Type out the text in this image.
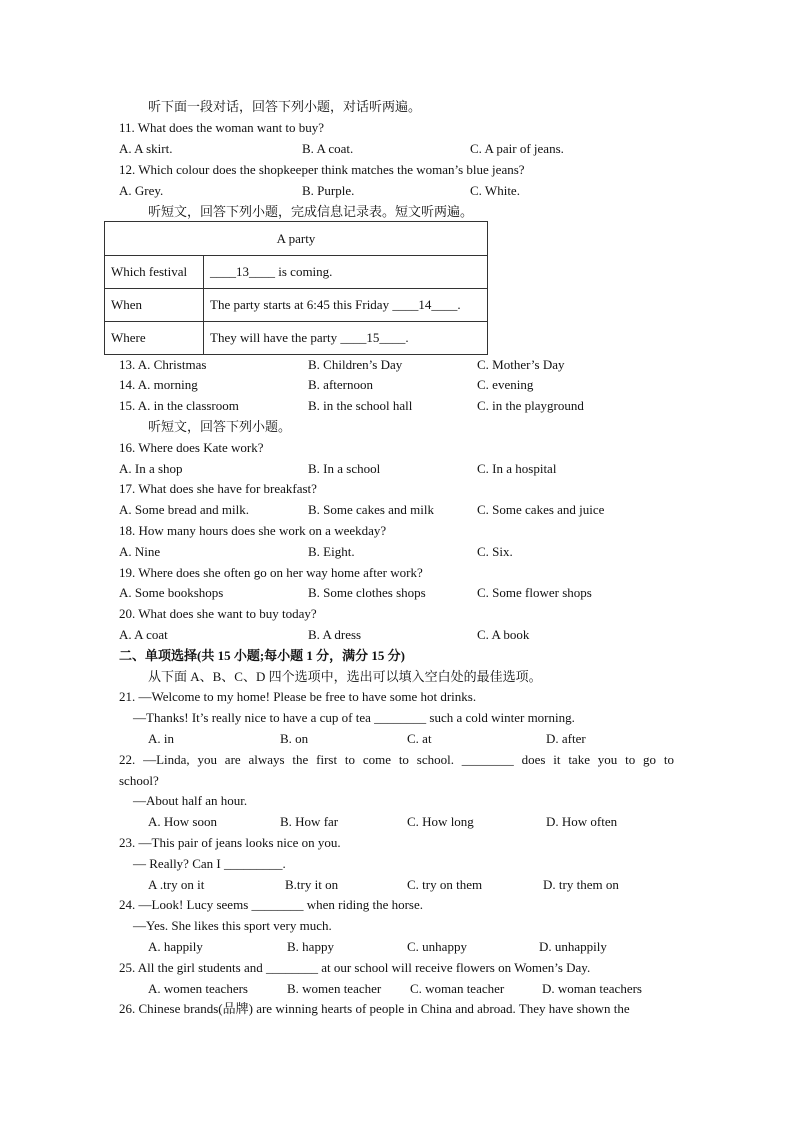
听下面一段对话，回答下列小题，对话听两遍。
11. What does the woman want to buy?
A. A skirt.	B. A coat.	C. A pair of jeans.
12. Which colour does the shopkeeper think matches the woman’s blue jeans?
A. Grey.	B. Purple.	C. White.
听短文，回答下列小题，完成信息记录表。短文听两遍。
A party	
Which festival	____13____ is coming.
When	The party starts at 6:45 this Friday ____14____.
Where	They will have the party ____15____.
13. A. Christmas	B. Children’s Day	C. Mother’s Day
14. A. morning	B. afternoon	C. evening
15. A. in the classroom	B. in the school hall	C. in the playground
听短文，回答下列小题。
16. Where does Kate work?
A. In a shop	B. In a school	C. In a hospital
17. What does she have for breakfast?
A. Some bread and milk.	B. Some cakes and milk	C. Some cakes and juice
18. How many hours does she work on a weekday?
A. Nine	B. Eight.	C. Six.
19. Where does she often go on her way home after work?
A. Some bookshops	B. Some clothes shops	C. Some flower shops
20. What does she want to buy today?
A. A coat	B. A dress	C. A book
二、单项选择(共 15 小题;每小题 1 分，满分 15 分)
从下面 A、B、C、D 四个选项中，选出可以填入空白处的最佳选项。
21. —Welcome to my home! Please be free to have some hot drinks.
—Thanks! It’s really nice to have a cup of tea ________ such a cold winter morning.
A. in	B. on	C. at	D. after
22. —Linda, you are always the first to come to school. ________ does it take you to go to
school?
—About half an hour.
A. How soon	B. How far	C. How long	D. How often
23. —This pair of jeans looks nice on you.
— Really? Can I _________.
A .try on it	B.try it on	C. try on them	D. try them on
24. —Look! Lucy seems ________ when riding the horse.
—Yes. She likes this sport very much.
A. happily	B. happy	C. unhappy	D. unhappily
25. All the girl students and ________ at our school will receive flowers on Women’s Day.
A. women teachers	B. women teacher C. woman teacher	D. woman teachers
26. Chinese brands(品牌) are winning hearts of people in China and abroad. They have shown the
